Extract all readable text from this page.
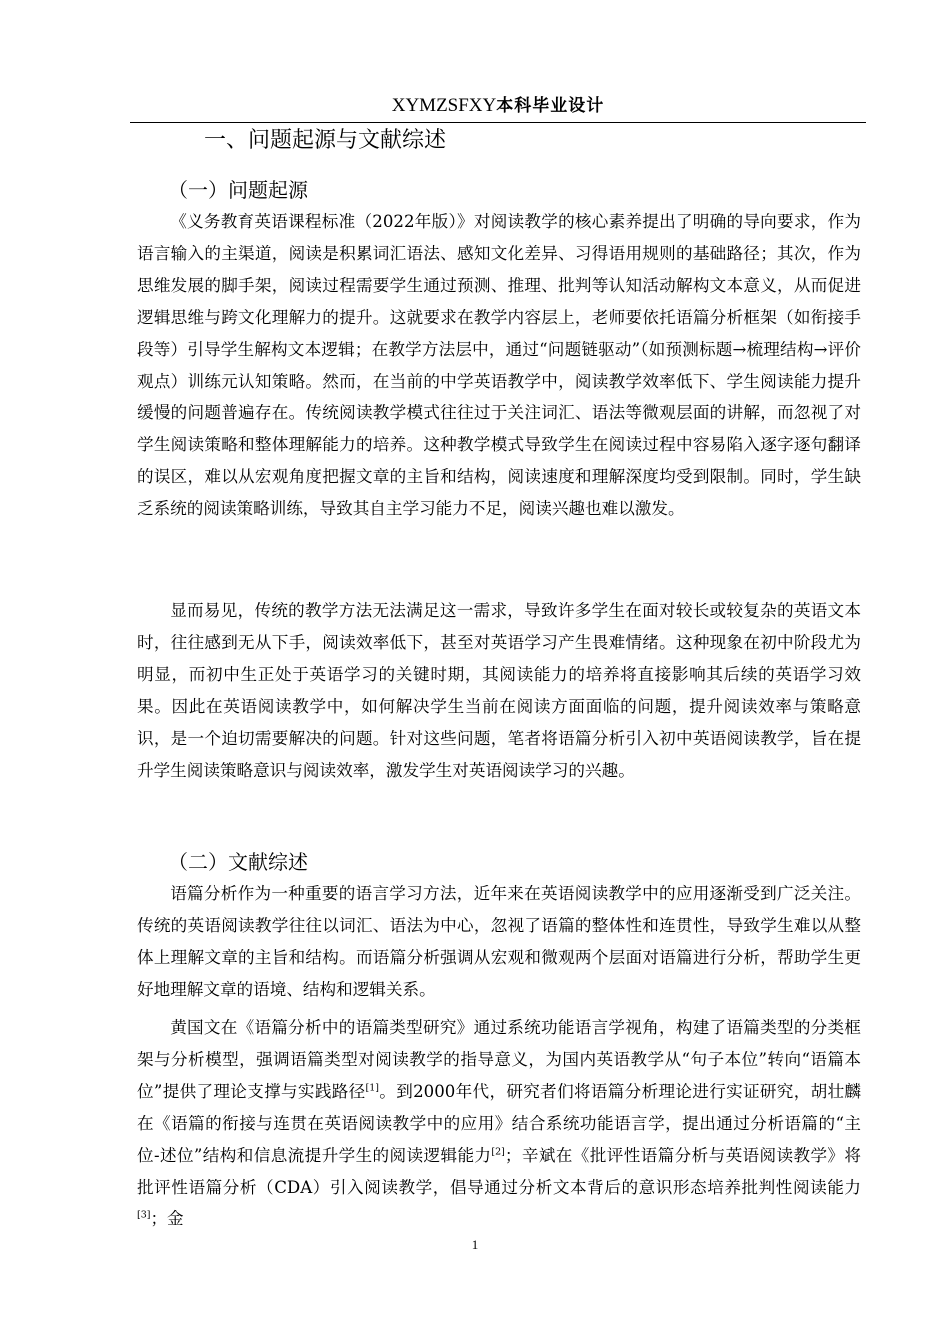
XYMZSFXY本科毕业设计
一、问题起源与文献综述
（一）问题起源

《义务教育英语课程标准（2022年版）》对阅读教学的核心素养提出了明确的导向要求，作为语言输入的主渠道，阅读是积累词汇语法、感知文化差异、习得语用规则的基础路径；其次，作为思维发展的脚手架，阅读过程需要学生通过预测、推理、批判等认知活动解构文本意义，从而促进逻辑思维与跨文化理解力的提升。这就要求在教学内容层上，老师要依托语篇分析框架（如衔接手段等）引导学生解构文本逻辑；在教学方法层中，通过“问题链驱动”（如预测标题→梳理结构→评价观点）训练元认知策略。然而，在当前的中学英语教学中，阅读教学效率低下、学生阅读能力提升缓慢的问题普遍存在。传统阅读教学模式往往过于关注词汇、语法等微观层面的讲解，而忽视了对学生阅读策略和整体理解能力的培养。这种教学模式导致学生在阅读过程中容易陷入逐字逐句翻译的误区，难以从宏观角度把握文章的主旨和结构，阅读速度和理解深度均受到限制。同时，学生缺乏系统的阅读策略训练，导致其自主学习能力不足，阅读兴趣也难以激发。

显而易见，传统的教学方法无法满足这一需求，导致许多学生在面对较长或较复杂的英语文本时，往往感到无从下手，阅读效率低下，甚至对英语学习产生畏难情绪。这种现象在初中阶段尤为明显，而初中生正处于英语学习的关键时期，其阅读能力的培养将直接影响其后续的英语学习效果。因此在英语阅读教学中，如何解决学生当前在阅读方面面临的问题，提升阅读效率与策略意识，是一个迫切需要解决的问题。针对这些问题，笔者将语篇分析引入初中英语阅读教学，旨在提升学生阅读策略意识与阅读效率，激发学生对英语阅读学习的兴趣。

（二）文献综述

语篇分析作为一种重要的语言学习方法，近年来在英语阅读教学中的应用逐渐受到广泛关注。传统的英语阅读教学往往以词汇、语法为中心，忽视了语篇的整体性和连贯性，导致学生难以从整体上理解文章的主旨和结构。而语篇分析强调从宏观和微观两个层面对语篇进行分析，帮助学生更好地理解文章的语境、结构和逻辑关系。

黄国文在《语篇分析中的语篇类型研究》通过系统功能语言学视角，构建了语篇类型的分类框架与分析模型，强调语篇类型对阅读教学的指导意义，为国内英语教学从“句子本位”转向“语篇本位”提供了理论支撑与实践路径[1]。到2000年代，研究者们将语篇分析理论进行实证研究，胡壮麟在《语篇的衔接与连贯在英语阅读教学中的应用》结合系统功能语言学，提出通过分析语篇的“主位-述位”结构和信息流提升学生的阅读逻辑能力[2]；辛斌在《批评性语篇分析与英语阅读教学》将批评性语篇分析（CDA）引入阅读教学，倡导通过分析文本背后的意识形态培养批判性阅读能力[3]；金

1
